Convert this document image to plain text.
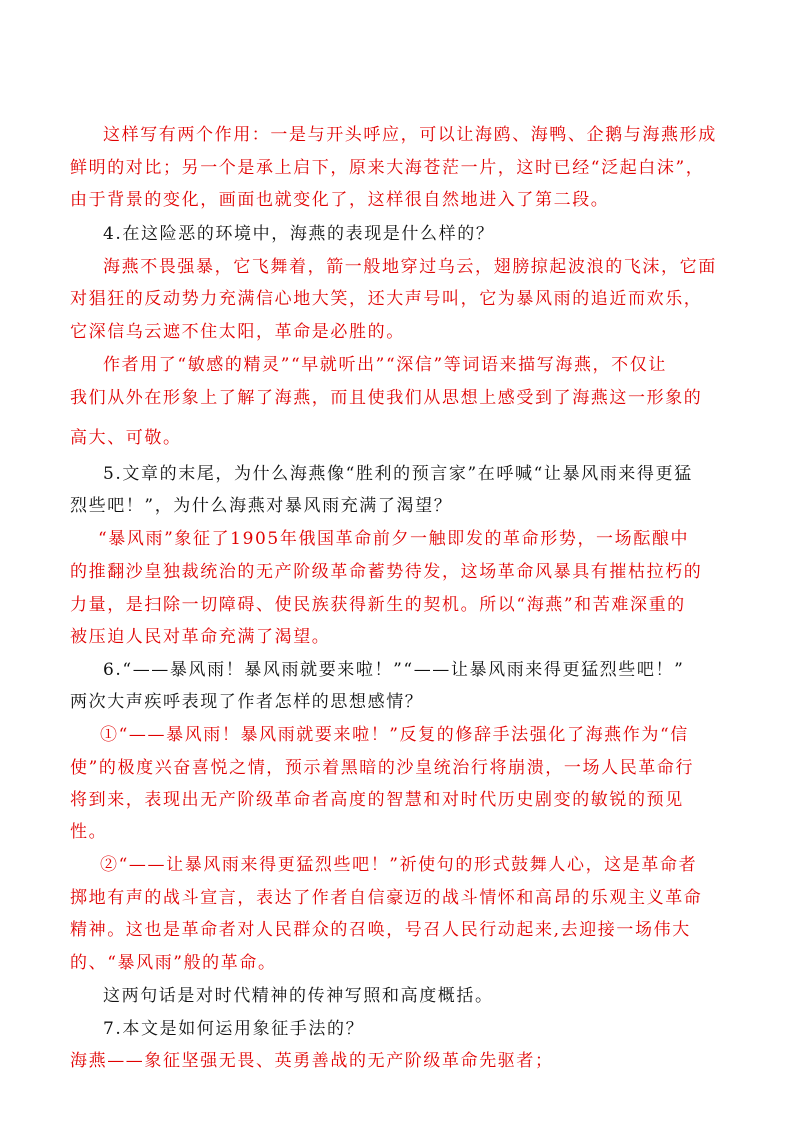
这样写有两个作用：一是与开头呼应，可以让海鸥、海鸭、企鹅与海燕形成
鲜明的对比；另一个是承上启下，原来大海苍茫一片，这时已经“泛起白沫”，
由于背景的变化，画面也就变化了，这样很自然地进入了第二段。
4.在这险恶的环境中，海燕的表现是什么样的？
海燕不畏强暴，它飞舞着，箭一般地穿过乌云，翅膀掠起波浪的飞沫，它面
对猖狂的反动势力充满信心地大笑，还大声号叫，它为暴风雨的追近而欢乐，
它深信乌云遮不住太阳，革命是必胜的。
作者用了“敏感的精灵”“早就听出”“深信”等词语来描写海燕，不仅让
我们从外在形象上了解了海燕，而且使我们从思想上感受到了海燕这一形象的
高大、可敬。
5.文章的末尾，为什么海燕像“胜利的预言家”在呼喊“让暴风雨来得更猛
烈些吧！”，为什么海燕对暴风雨充满了渴望？
“暴风雨”象征了1905年俄国革命前夕一触即发的革命形势，一场酝酿中
的推翻沙皇独裁统治的无产阶级革命蓄势待发，这场革命风暴具有摧枯拉朽的
力量，是扫除一切障碍、使民族获得新生的契机。所以“海燕”和苦难深重的
被压迫人民对革命充满了渴望。
6.“——暴风雨！暴风雨就要来啦！”“——让暴风雨来得更猛烈些吧！”
两次大声疾呼表现了作者怎样的思想感情？
①“——暴风雨！暴风雨就要来啦！”反复的修辞手法强化了海燕作为“信
使”的极度兴奋喜悦之情，预示着黑暗的沙皇统治行将崩溃，一场人民革命行
将到来，表现出无产阶级革命者高度的智慧和对时代历史剧变的敏锐的预见
性。
②“——让暴风雨来得更猛烈些吧！”祈使句的形式鼓舞人心，这是革命者
掷地有声的战斗宣言，表达了作者自信豪迈的战斗情怀和高昂的乐观主义革命
精神。这也是革命者对人民群众的召唤，号召人民行动起来,去迎接一场伟大
的、“暴风雨”般的革命。
这两句话是对时代精神的传神写照和高度概括。
7.本文是如何运用象征手法的？
海燕——象征坚强无畏、英勇善战的无产阶级革命先驱者；
